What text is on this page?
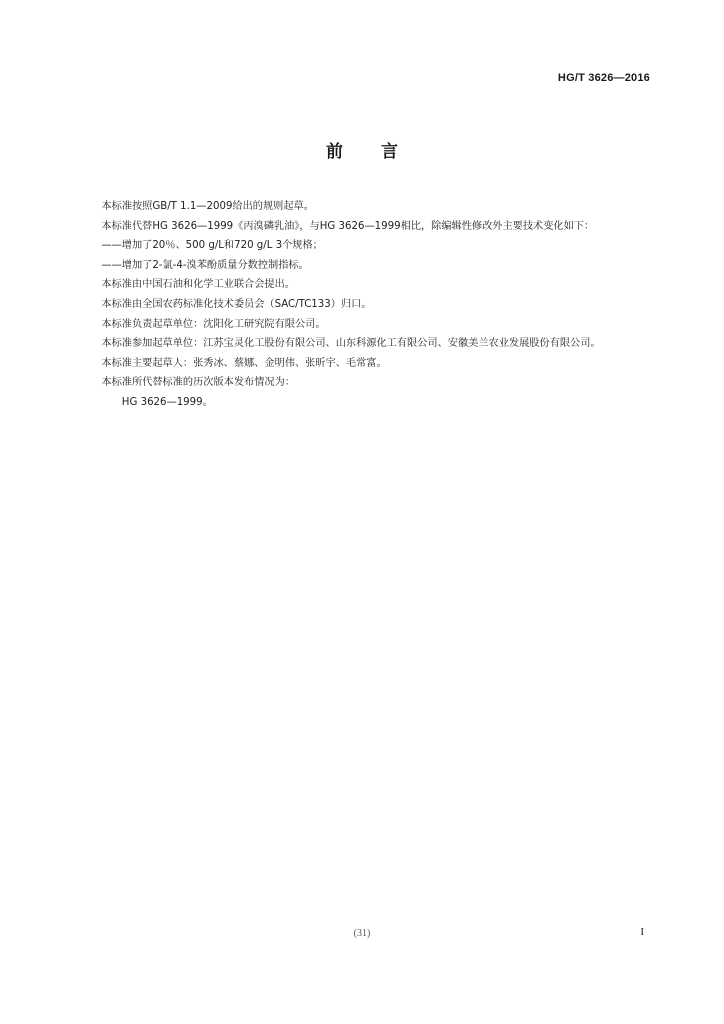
HG/T 3626—2016
前 言

本标准按照GB/T 1.1—2009给出的规则起草。

本标准代替HG 3626—1999《丙溴磷乳油》，与HG 3626—1999相比，除编辑性修改外主要技术变化如下：

——增加了20％、500 g/L和720 g/L 3个规格；

——增加了2-氯-4-溴苯酚质量分数控制指标。

本标准由中国石油和化学工业联合会提出。

本标准由全国农药标准化技术委员会（SAC/TC133）归口。

本标准负责起草单位：沈阳化工研究院有限公司。

本标准参加起草单位：江苏宝灵化工股份有限公司、山东科源化工有限公司、安徽美兰农业发展股份有限公司。

本标准主要起草人：张秀冰、蔡娜、金明伟、张昕宇、毛常富。

本标准所代替标准的历次版本发布情况为：

HG 3626—1999。

(31)	I
